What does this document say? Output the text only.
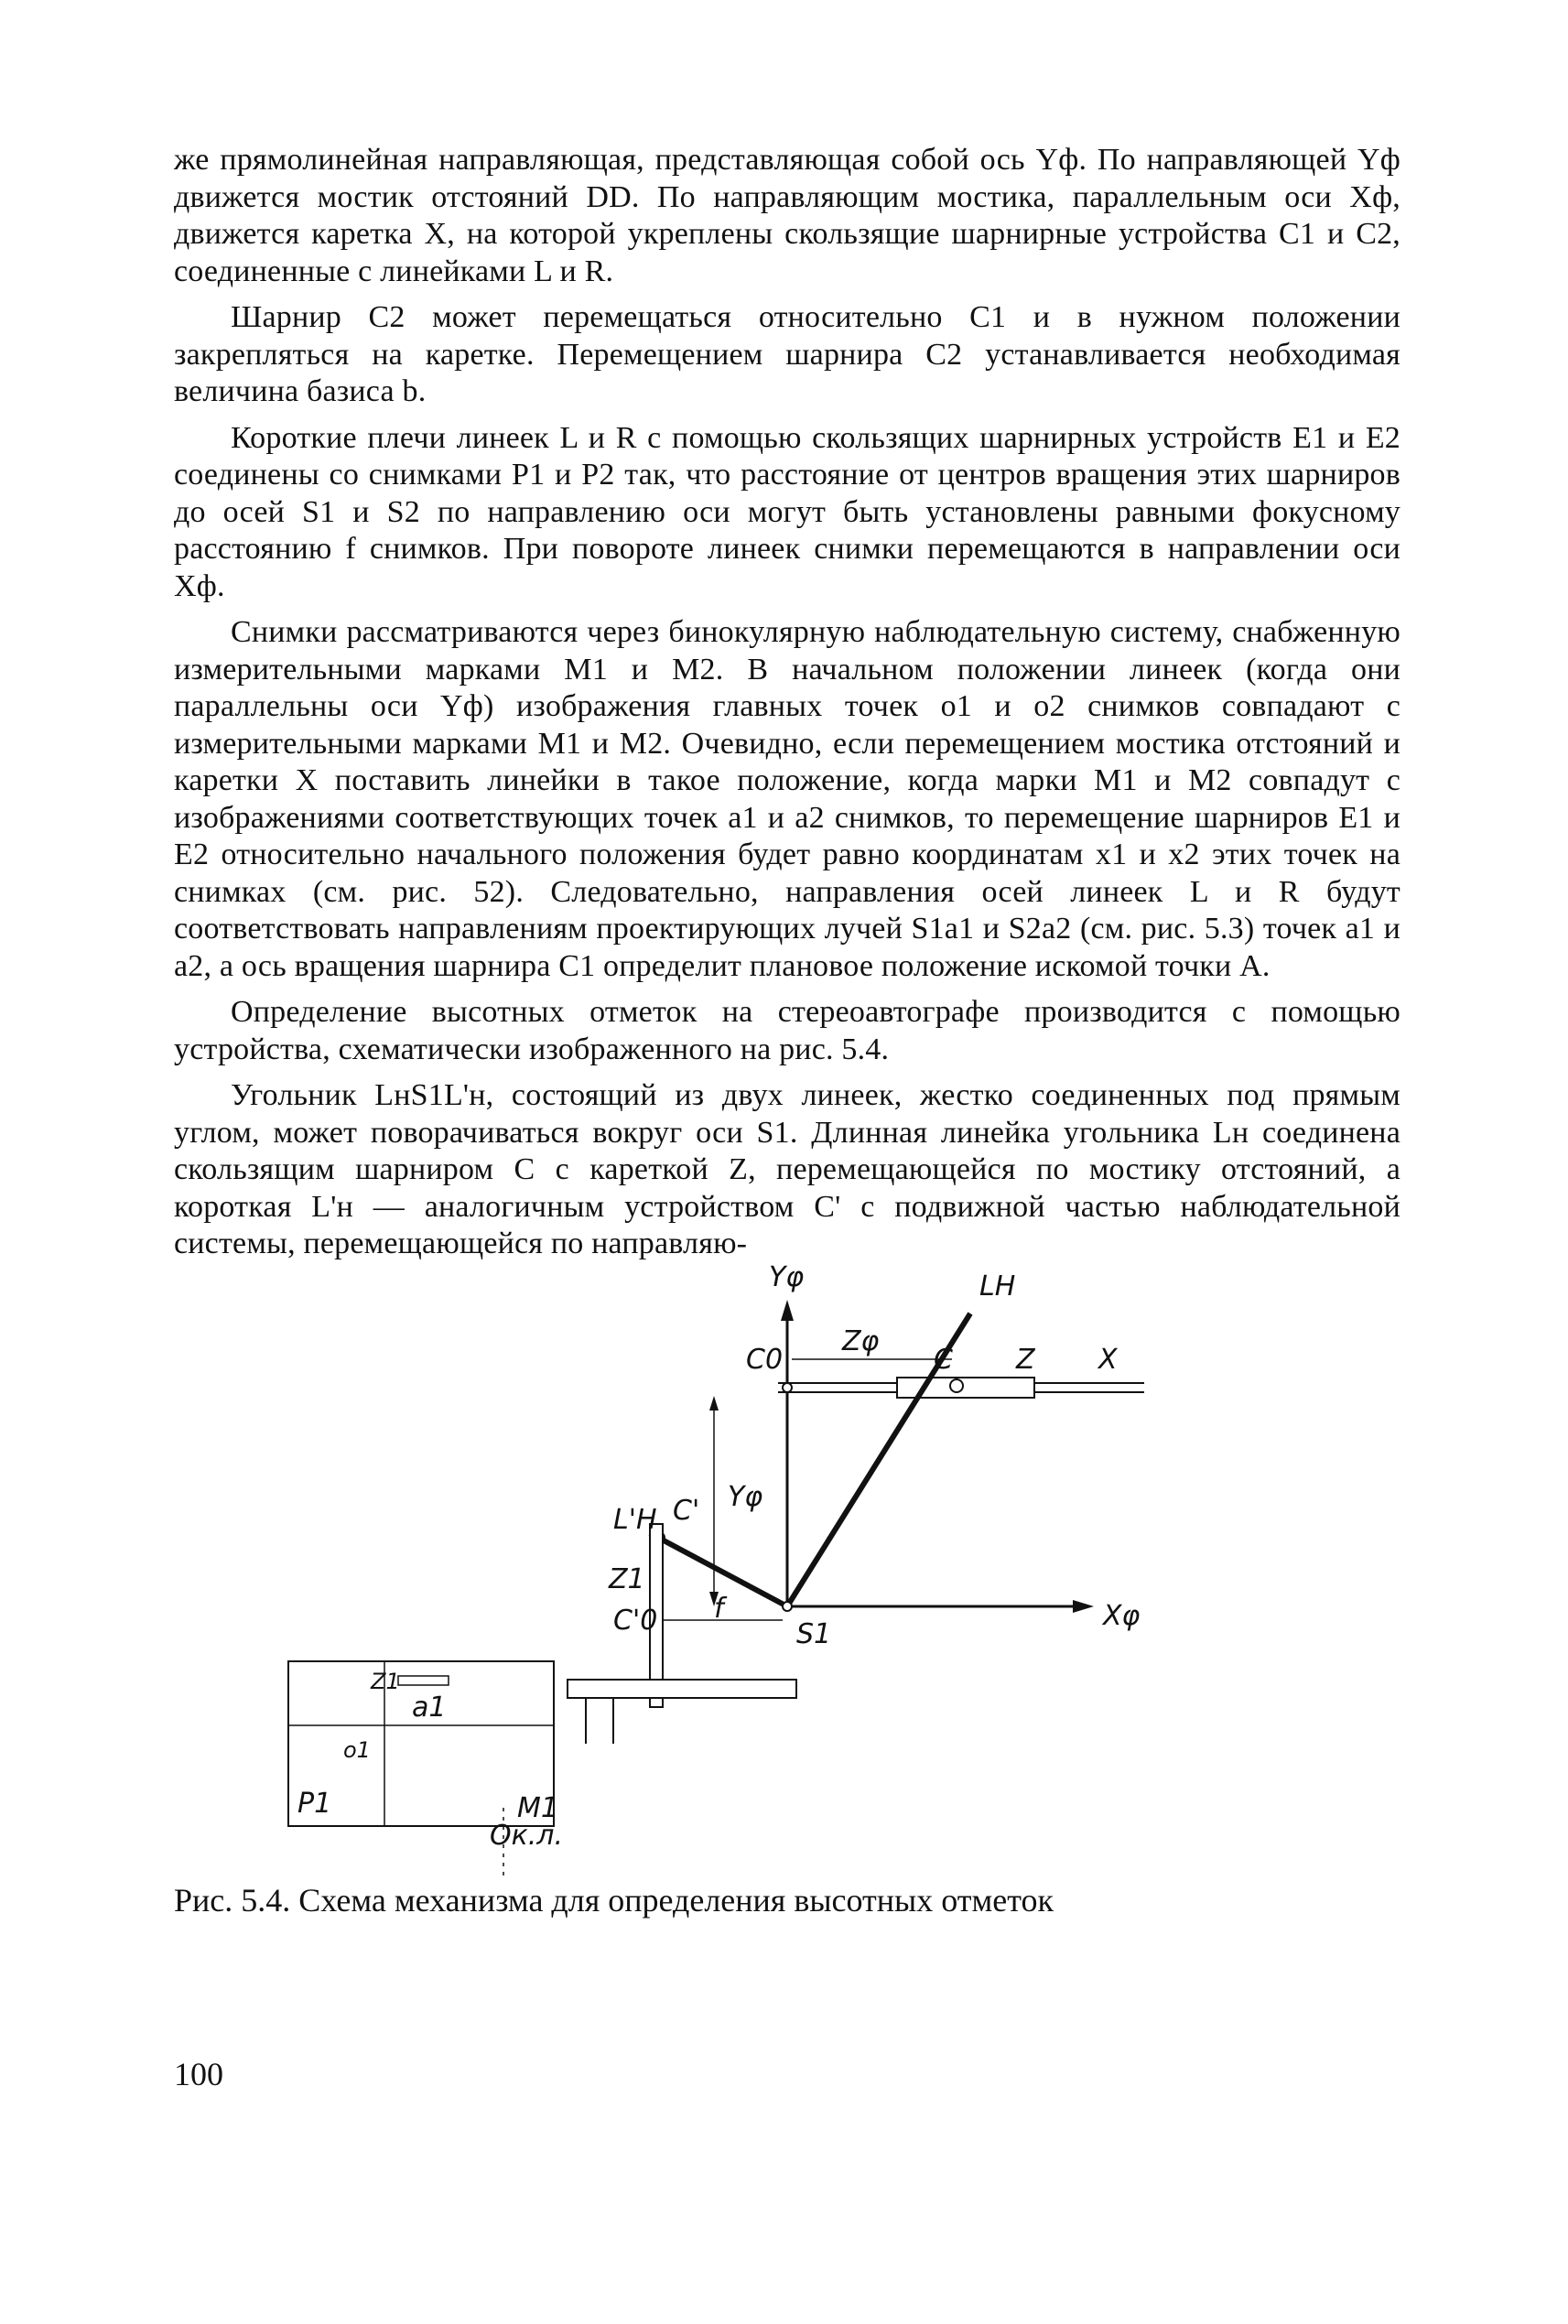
же прямолинейная направляющая, представляющая собой ось Yф. По направляющей Yф движется мостик отстояний DD. По направляющим мостика, параллельным оси Xф, движется каретка X, на которой укреплены скользящие шарнирные устройства C1 и C2, соединенные с линейками L и R.

Шарнир C2 может перемещаться относительно C1 и в нужном положении закрепляться на каретке. Перемещением шарнира C2 устанавливается необходимая величина базиса b.

Короткие плечи линеек L и R с помощью скользящих шарнирных устройств E1 и E2 соединены со снимками P1 и P2 так, что расстояние от центров вращения этих шарниров до осей S1 и S2 по направлению оси могут быть установлены равными фокусному расстоянию f снимков. При повороте линеек снимки перемещаются в направлении оси Xф.

Снимки рассматриваются через бинокулярную наблюдательную систему, снабженную измерительными марками M1 и M2. В начальном положении линеек (когда они параллельны оси Yф) изображения главных точек o1 и o2 снимков совпадают с измерительными марками M1 и M2. Очевидно, если перемещением мостика отстояний и каретки X поставить линейки в такое положение, когда марки M1 и M2 совпадут с изображениями соответствующих точек a1 и a2 снимков, то перемещение шарниров E1 и E2 относительно начального положения будет равно координатам x1 и x2 этих точек на снимках (см. рис. 52). Следовательно, направления осей линеек L и R будут соответствовать направлениям проектирующих лучей S1a1 и S2a2 (см. рис. 5.3) точек a1 и a2, а ось вращения шарнира C1 определит плановое положение искомой точки A.

Определение высотных отметок на стереоавтографе производится с помощью устройства, схематически изображенного на рис. 5.4.

Угольник LнS1L'н, состоящий из двух линеек, жестко соединенных под прямым углом, может поворачиваться вокруг оси S1. Длинная линейка угольника Lн соединена скользящим шарниром C с кареткой Z, перемещающейся по мостику отстояний, а короткая L'н — аналогичным устройством C' с подвижной частью наблюдательной системы, перемещающейся по направляю-

Yφ	LH
C0
Zφ
C Z X
Yφ
L'H C'
Z1
C'0 f
S1
Xφ
Z1
a1
o1
P1	M1
Ок.л.
Рис. 5.4. Схема механизма для определения высотных отметок
100
